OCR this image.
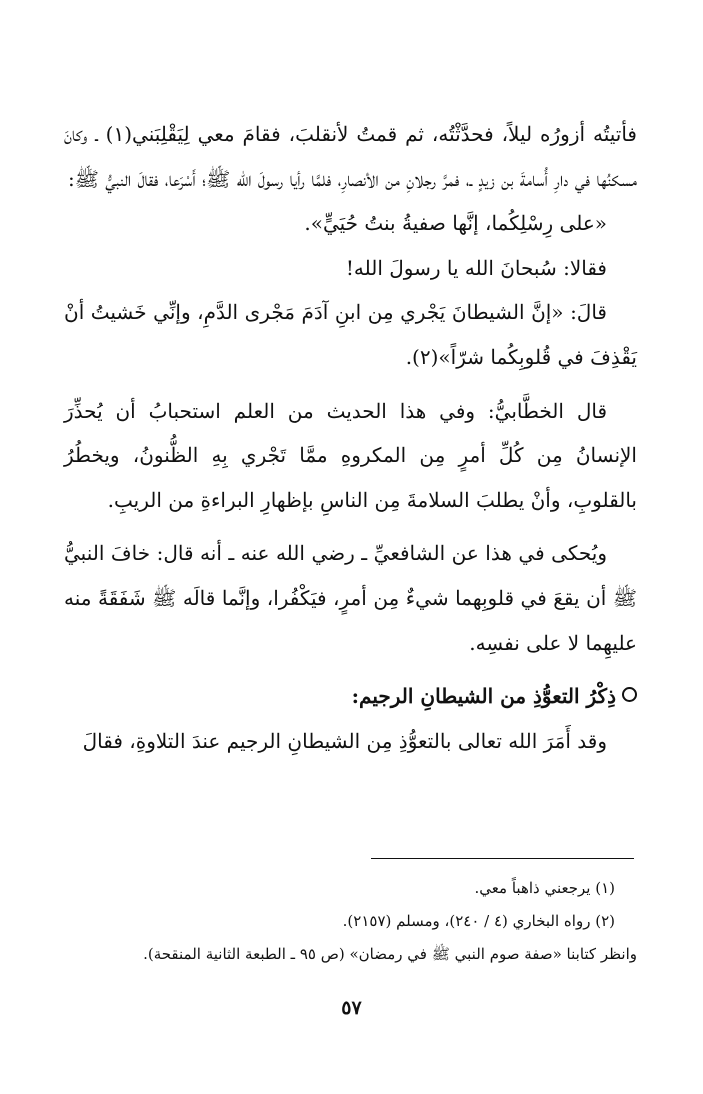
فأتيتُه أزورُه ليلاً، فحدَّثْتُه، ثم قمتُ لأنقلبَ، فقامَ معي لِيَقْلِبَني(١) ـ وكانَ مسكنُها في دارِ أُسامةَ بن زيدٍ ـ، فمرَّ رجلانِ من الأنصارِ، فلمَّا رأيا رسولَ الله ﷺ؛ أَسْرَعا، فقالَ النبيُّ ﷺ:

«على رِسْلِكُما، إنَّها صفيةُ بنتُ حُيَيٍّ».

فقالا: سُبحانَ الله يا رسولَ الله!

قالَ: «إنَّ الشيطانَ يَجْري مِن ابنِ آدَمَ مَجْرى الدَّمِ، وإنِّي خَشيتُ أنْ يَقْذِفَ في قُلوبِكُما شرّاً»(٢).

قال الخطَّابيُّ: وفي هذا الحديث من العلم استحبابُ أن يُحذِّرَ الإنسانُ مِن كُلِّ أمرٍ مِن المكروهِ ممَّا تَجْري بِهِ الظُّنونُ، ويخطُرُ بالقلوبِ، وأنْ يطلبَ السلامةَ مِن الناسِ بإظهارِ البراءةِ من الريبِ.

ويُحكى في هذا عن الشافعيِّ ـ رضي الله عنه ـ أنه قال: خافَ النبيُّ ﷺ أن يقعَ في قلوبِهما شيءٌ مِن أمرٍ، فيَكْفُرا، وإنَّما قالَه ﷺ شَفَقَةً منه عليهِما لا على نفسِه.

ذِكْرُ التعوُّذِ من الشيطانِ الرجيم:

وقد أَمَرَ الله تعالى بالتعوُّذِ مِن الشيطانِ الرجيم عندَ التلاوةِ، فقالَ

(١) يرجعني ذاهباً معي.

(٢) رواه البخاري (٤ / ٢٤٠)، ومسلم (٢١٥٧).

وانظر كتابنا «صفة صوم النبي ﷺ في رمضان» (ص ٩٥ ـ الطبعة الثانية المنقحة).

٥٧
